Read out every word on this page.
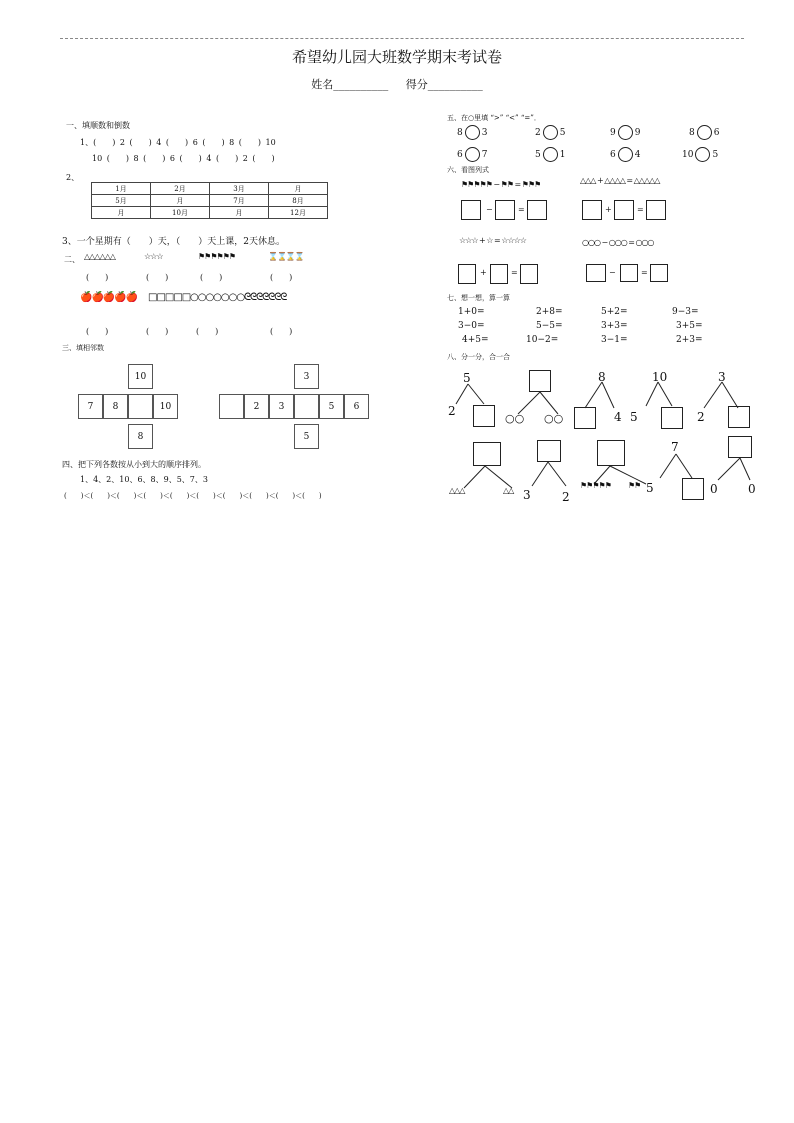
希望幼儿园大班数学期末考试卷
姓名__________ 得分__________
一、填顺数和倒数
1、(　　) 2 (　　) 4 (　　) 6 (　　) 8 (　　) 10
10 (　　) 8 (　　) 6 (　　) 4 (　　) 2 (　　)
2、
1月	2月	3月	月
5月	月	7月	8月
月	10月	月	12月
3、一个星期有（　　）天，（　　）天上课，2天休息。
二、 △△△△△△	☆☆☆	⚑⚑⚑⚑⚑⚑	⌛⌛⌛⌛
(　　)	(　　)	(　　)	(　　)
🍎🍎🍎🍎🍎 □□□□□ ○○○○○○○ ᘓᘓᘓᘓᘓᘓᘓ
(　　)	(　　)	(　　)	(　　)
三、填相邻数
10
7	8	10
8
2	3
3
5	6
5
四、把下列各数按从小到大的顺序排列。
1、4、2、10、6、8、9、5、7、3
(　　)＜(　　)＜(　　)＜(　　)＜(　　)＜(　　)＜(　　)＜(　　)＜(　　)＜(　　)
五、在○里填 “>” “<” “=”．
8 3	2 5	9 9	8 6
6 7	5 1	6 4	10 5
六、看图列式
⚑⚑⚑⚑⚑ − ⚑⚑ = ⚑⚑⚑	△△△ + △△△△ = △△△△△
−	=	+	=
☆☆☆ + ☆ = ☆☆☆☆	○○○ − ○○○ = ○○○
+	=	−	=
七、想一想，算一算
1+0=	2+8=	5+2=	9−3=
3−0=	5−5=	3+3=	3+5=
4+5=	10−2=	3−1=	2+3=
八、分一分，合一合
5
2
○○ ○○
8
4
10
5
3
2
△△△	△△ 3	2
⚑⚑⚑⚑⚑ ⚑⚑ 5
7
0	0
